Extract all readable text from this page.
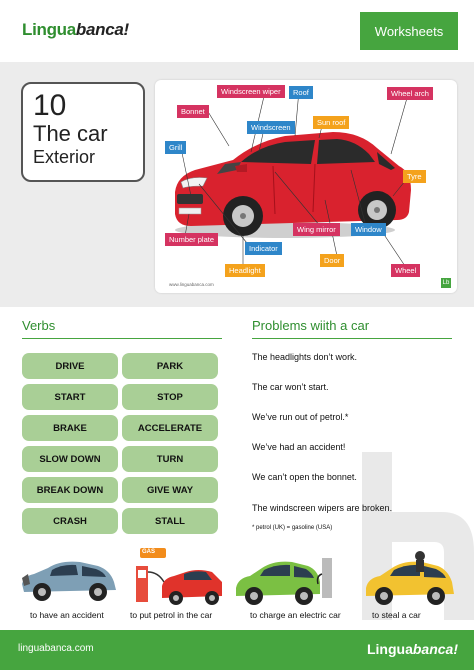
Linguabanca!	Worksheets
10
The car
Exterior
Bonnet
Windscreen wiper	Roof	Wheel arch
Windscreen
Sun roof
Grill
Tyre
Number plate
Wing mirror	Window
Indicator
Door
Headlight	Wheel
www.linguabanca.com	Lb
Verbs
DRIVE	PARK
START	STOP
BRAKE	ACCELERATE
SLOW DOWN	TURN
BREAK DOWN	GIVE WAY
CRASH	STALL
Problems wiith a car
The headlights don’t work.
The car won’t start.
We’ve run out of petrol.*
We’ve had an accident!
We can’t open the bonnet.
The windscreen wipers are broken.
* petrol (UK) = gasoline (USA)
GAS
to have an accident	to put petrol in the car	to charge an electric car	to steal a car
linguabanca.com	Linguabanca!
